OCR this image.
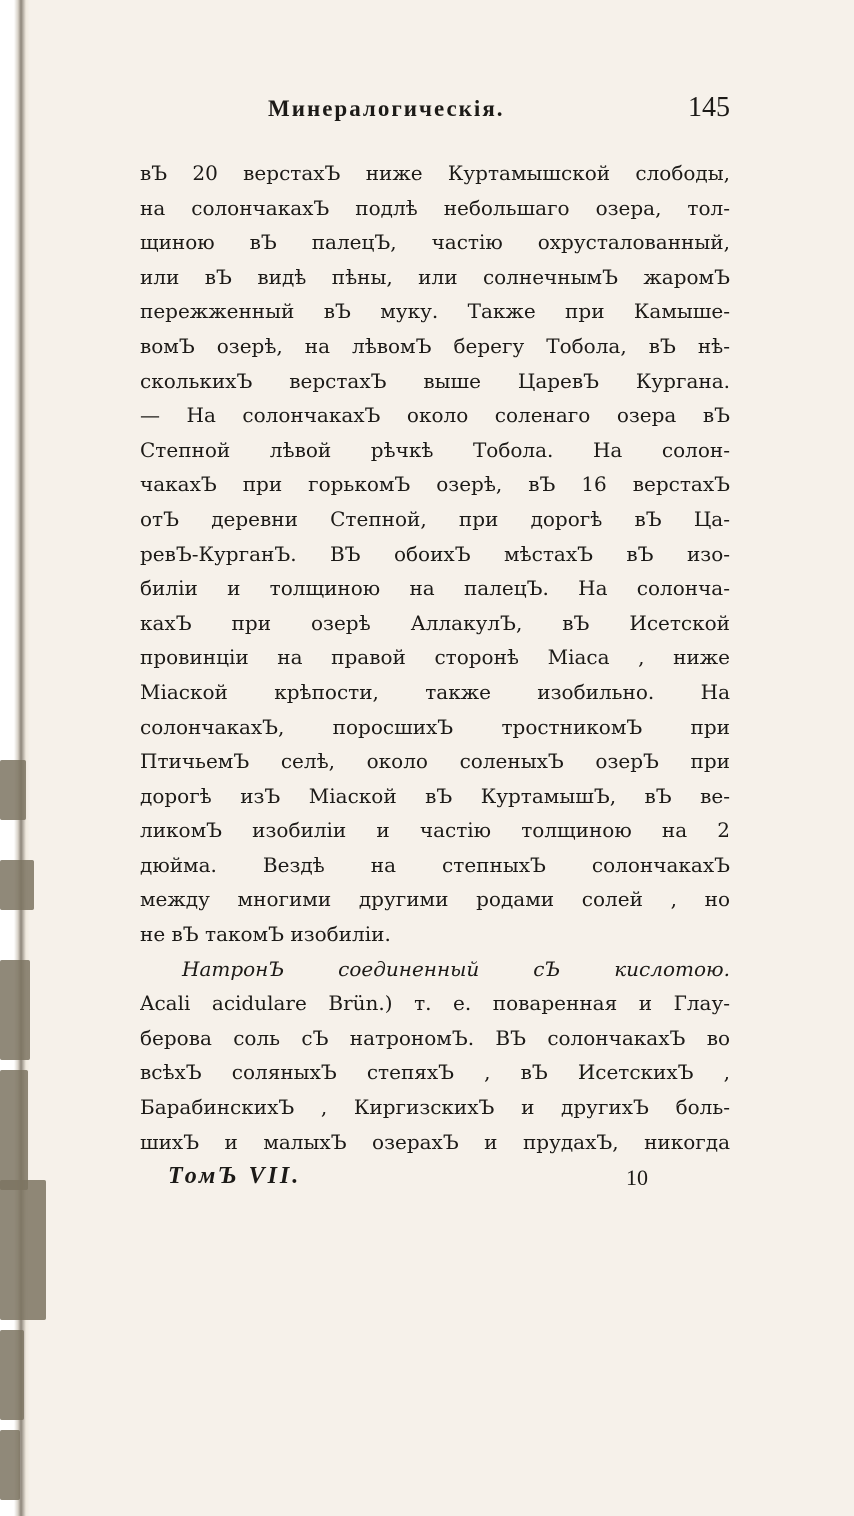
Минералогическія.	145
вЪ 20 верстахЪ ниже Куртамышской слободы,
на солончакахЪ подлѣ небольшаго озера, тол-
щиною вЪ палецЪ, частію охрусталованный,
или вЪ видѣ пѣны, или солнечнымЪ жаромЪ
пережженный вЪ муку. Также при Камыше-
вомЪ озерѣ, на лѣвомЪ берегу Тобола, вЪ нѣ-
сколькихЪ верстахЪ выше ЦаревЪ Кургана.
— На солончакахЪ около соленаго озера вЪ
Степной лѣвой рѣчкѣ Тобола. На солон-
чакахЪ при горькомЪ озерѣ, вЪ 16 верстахЪ
отЪ деревни Степной, при дорогѣ вЪ Ца-
ревЪ-КурганЪ. ВЪ обоихЪ мѣстахЪ вЪ изо-
биліи и толщиною на палецЪ. На солонча-
кахЪ при озерѣ АллакулЪ, вЪ Исетской
провинціи на правой сторонѣ Міаса , ниже
Міаской крѣпости, также изобильно. На
солончакахЪ, поросшихЪ тростникомЪ при
ПтичьемЪ селѣ, около соленыхЪ озерЪ при
дорогѣ изЪ Міаской вЪ КуртамышЪ, вЪ ве-
ликомЪ изобиліи и частію толщиною на 2
дюйма. Вездѣ на степныхЪ солончакахЪ
между многими другими родами солей , но
не вЪ такомЪ изобиліи.
НатронЪ соединенный сЪ кислотою.
Acali acidulare Brün.) т. е. поваренная и Глау-
берова соль сЪ натрономЪ. ВЪ солончакахЪ во
всѣхЪ соляныхЪ степяхЪ , вЪ ИсетскихЪ ,
БарабинскихЪ , КиргизскихЪ и другихЪ боль-
шихЪ и малыхЪ озерахЪ и прудахЪ, никогда
ТомЪ VII.	10
